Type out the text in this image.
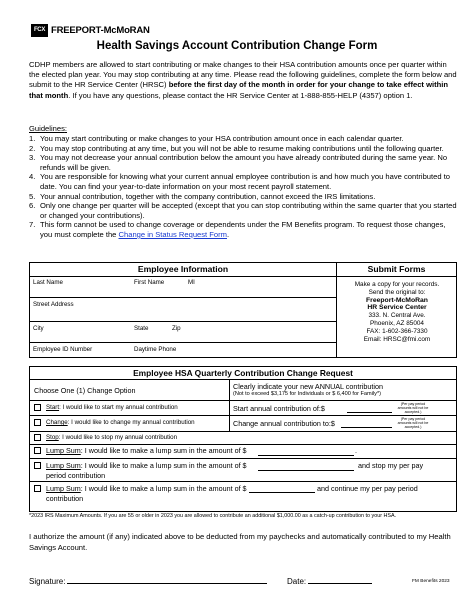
FCX FREEPORT-McMoRAN
Health Savings Account Contribution Change Form
CDHP members are allowed to start contributing or make changes to their HSA contribution amounts once per quarter within the elected plan year. You may stop contributing at any time. Please read the following guidelines, complete the form below and submit to the HR Service Center (HRSC) before the first day of the month in order for your change to take effect within that month. If you have any questions, please contact the HR Service Center at 1-888-855-HELP (4357) option 1.
Guidelines:
1. You may start contributing or make changes to your HSA contribution amount once in each calendar quarter.
2. You may stop contributing at any time, but you will not be able to resume making contributions until the following quarter.
3. You may not decrease your annual contribution below the amount you have already contributed during the same year. No refunds will be given.
4. You are responsible for knowing what your current annual employee contribution is and how much you have contributed to date. You can find your year-to-date information on your most recent payroll statement.
5. Your annual contribution, together with the company contribution, cannot exceed the IRS limitations.
6. Only one change per quarter will be accepted (except that you can stop contributing within the same quarter that you started or changed your contributions).
7. This form cannot be used to change coverage or dependents under the FM Benefits program. To request those changes, you must complete the Change in Status Request Form.
Employee Information	Submit Forms
Last Name	First Name	MI
Street Address
City	State	Zip
Employee ID Number	Daytime Phone
Make a copy for your records.
Send the original to:
Freeport-McMoRan
HR Service Center
333. N. Central Ave.
Phoenix, AZ 85004
FAX: 1-602-366-7330
Email: HRSC@fmi.com
Employee HSA Quarterly Contribution Change Request
Choose One (1) Change Option	Clearly indicate your new ANNUAL contribution
(Not to exceed $3,175 for Individuals or $ 6,400 for Family*)
Start: I would like to start my annual contribution	Start annual contribution of:$	(Per pay period amounts will not be accepted.)
Change: I would like to change my annual contribution	Change annual contribution to:$	(Per pay period amounts will not be accepted.)
Stop: I would like to stop my annual contribution
Lump Sum: I would like to make a lump sum in the amount of $	.
Lump Sum: I would like to make a lump sum in the amount of $	and stop my per pay
period contribution
Lump Sum: I would like to make a lump sum in the amount of $	and continue my per pay period
contribution
*2023 IRS Maximum Amounts. If you are 55 or older in 2023 you are allowed to contribute an additional $1,000.00 as a catch-up contribution to your HSA.
I authorize the amount (if any) indicated above to be deducted from my paychecks and automatically contributed to my Health Savings Account.
Signature:	Date:	FM Benefits 2023
